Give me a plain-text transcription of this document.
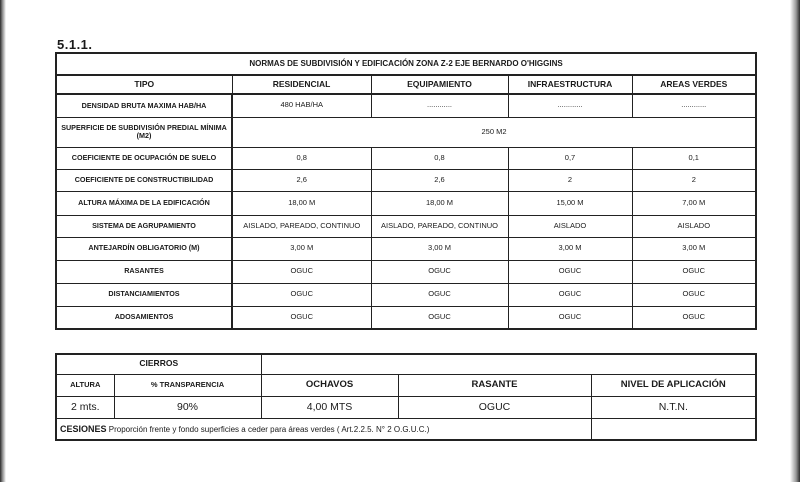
5.1.1.
NORMAS DE SUBDIVISIÓN Y EDIFICACIÓN ZONA Z-2 EJE BERNARDO O'HIGGINS				
TIPO	RESIDENCIAL	EQUIPAMIENTO	INFRAESTRUCTURA	AREAS VERDES
DENSIDAD BRUTA MAXIMA HAB/HA	480 HAB/HA	............	............	............
SUPERFICIE DE SUBDIVISIÓN PREDIAL MÍNIMA (M2)	250 M2			
COEFICIENTE DE OCUPACIÓN DE SUELO	0,8	0,8	0,7	0,1
COEFICIENTE DE CONSTRUCTIBILIDAD	2,6	2,6	2	2
ALTURA MÁXIMA DE LA EDIFICACIÓN	18,00 M	18,00 M	15,00 M	7,00 M
SISTEMA DE AGRUPAMIENTO	AISLADO, PAREADO, CONTINUO	AISLADO, PAREADO, CONTINUO	AISLADO	AISLADO
ANTEJARDÍN OBLIGATORIO (M)	3,00 M	3,00 M	3,00 M	3,00 M
RASANTES	OGUC	OGUC	OGUC	OGUC
DISTANCIAMIENTOS	OGUC	OGUC	OGUC	OGUC
ADOSAMIENTOS	OGUC	OGUC	OGUC	OGUC
CIERROS				
ALTURA	% TRANSPARENCIA	OCHAVOS	RASANTE	NIVEL DE APLICACIÓN
2 mts.	90%	4,00 MTS	OGUC	N.T.N.
CESIONES Proporción frente y fondo superficies a ceder para áreas verdes ( Art.2.2.5. N° 2 O.G.U.C.)				
